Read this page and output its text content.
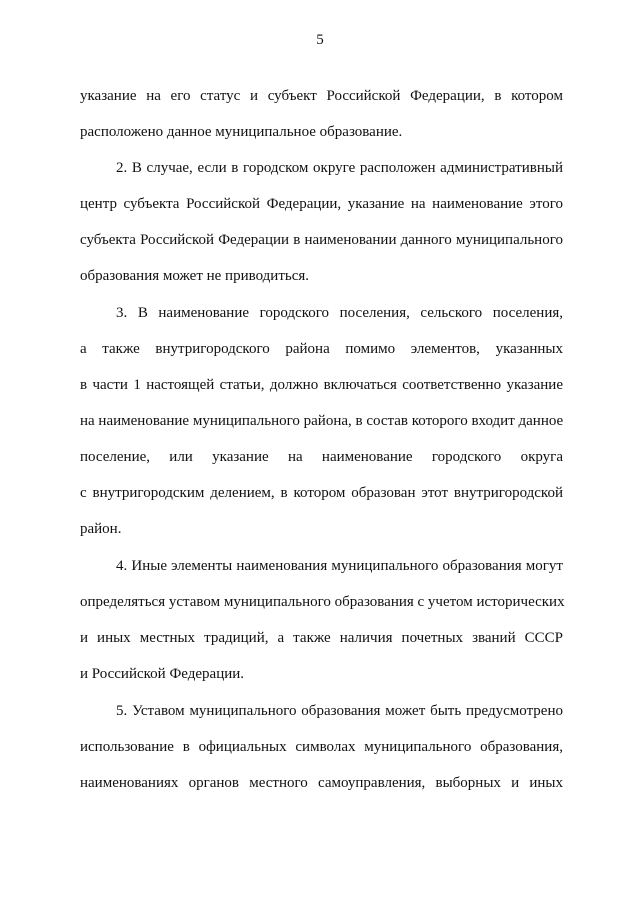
5
указание на его статус и субъект Российской Федерации, в котором
расположено данное муниципальное образование.
2. В случае, если в городском округе расположен административный
центр субъекта Российской Федерации, указание на наименование этого
субъекта Российской Федерации в наименовании данного муниципального
образования может не приводиться.
3. В наименование городского поселения, сельского поселения,
а также внутригородского района помимо элементов, указанных
в части 1 настоящей статьи, должно включаться соответственно указание
на наименование муниципального района, в состав которого входит данное
поселение, или указание на наименование городского округа
с внутригородским делением, в котором образован этот внутригородской
район.
4. Иные элементы наименования муниципального образования могут
определяться уставом муниципального образования с учетом исторических
и иных местных традиций, а также наличия почетных званий СССР
и Российской Федерации.
5. Уставом муниципального образования может быть предусмотрено
использование в официальных символах муниципального образования,
наименованиях органов местного самоуправления, выборных и иных
